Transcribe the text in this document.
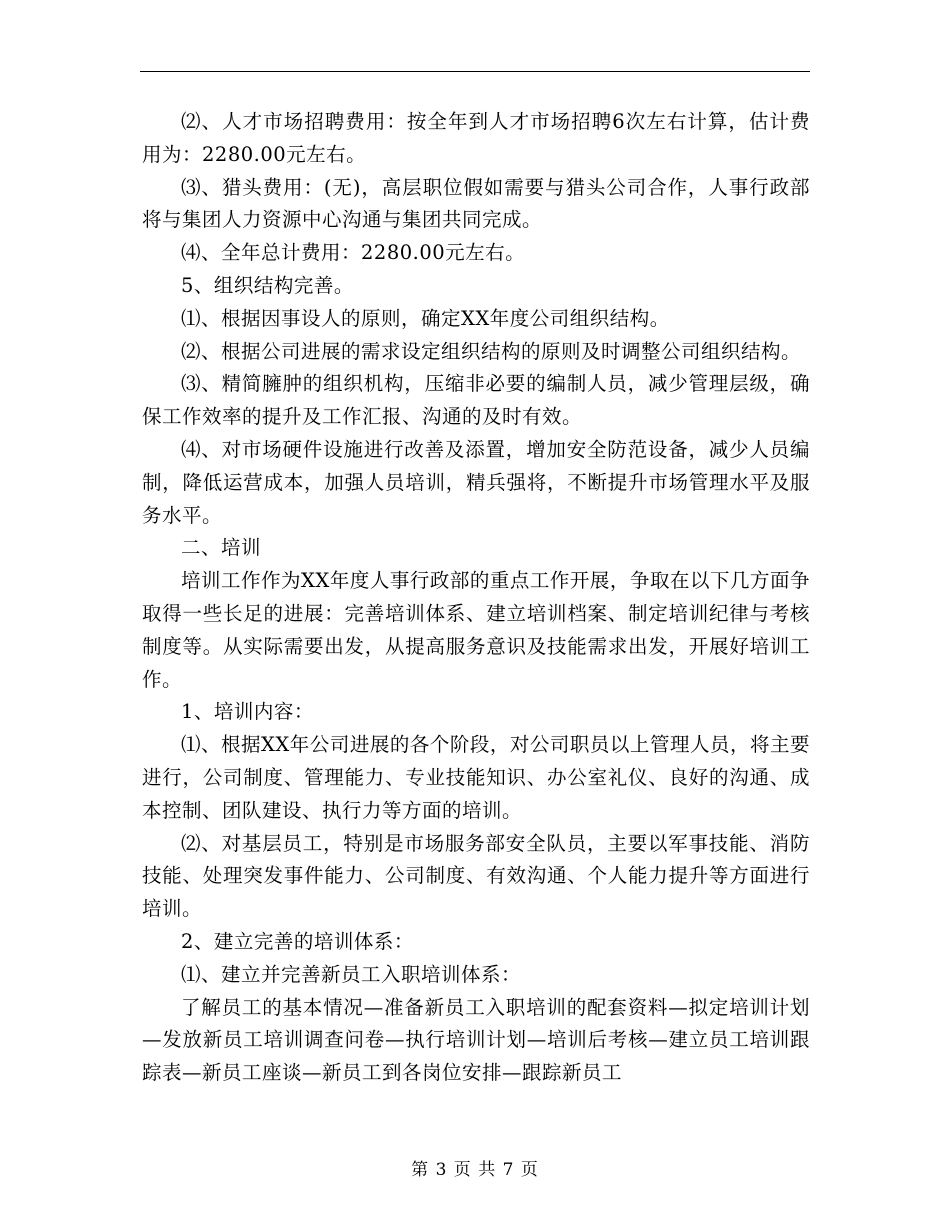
⑵、人才市场招聘费用：按全年到人才市场招聘6次左右计算，估计费用为：2280.00元左右。

⑶、猎头费用：(无)，高层职位假如需要与猎头公司合作，人事行政部将与集团人力资源中心沟通与集团共同完成。

⑷、全年总计费用：2280.00元左右。

5、组织结构完善。

⑴、根据因事设人的原则，确定XX年度公司组织结构。

⑵、根据公司进展的需求设定组织结构的原则及时调整公司组织结构。

⑶、精简臃肿的组织机构，压缩非必要的编制人员，减少管理层级，确保工作效率的提升及工作汇报、沟通的及时有效。

⑷、对市场硬件设施进行改善及添置，增加安全防范设备，减少人员编制，降低运营成本，加强人员培训，精兵强将，不断提升市场管理水平及服务水平。

二、培训

培训工作作为XX年度人事行政部的重点工作开展，争取在以下几方面争取得一些长足的进展：完善培训体系、建立培训档案、制定培训纪律与考核制度等。从实际需要出发，从提高服务意识及技能需求出发，开展好培训工作。

1、培训内容：

⑴、根据XX年公司进展的各个阶段，对公司职员以上管理人员，将主要进行，公司制度、管理能力、专业技能知识、办公室礼仪、良好的沟通、成本控制、团队建设、执行力等方面的培训。

⑵、对基层员工，特别是市场服务部安全队员，主要以军事技能、消防技能、处理突发事件能力、公司制度、有效沟通、个人能力提升等方面进行培训。

2、建立完善的培训体系：

⑴、建立并完善新员工入职培训体系：

了解员工的基本情况—准备新员工入职培训的配套资料—拟定培训计划—发放新员工培训调查问卷—执行培训计划—培训后考核—建立员工培训跟踪表—新员工座谈—新员工到各岗位安排—跟踪新员工

第 3 页 共 7 页
